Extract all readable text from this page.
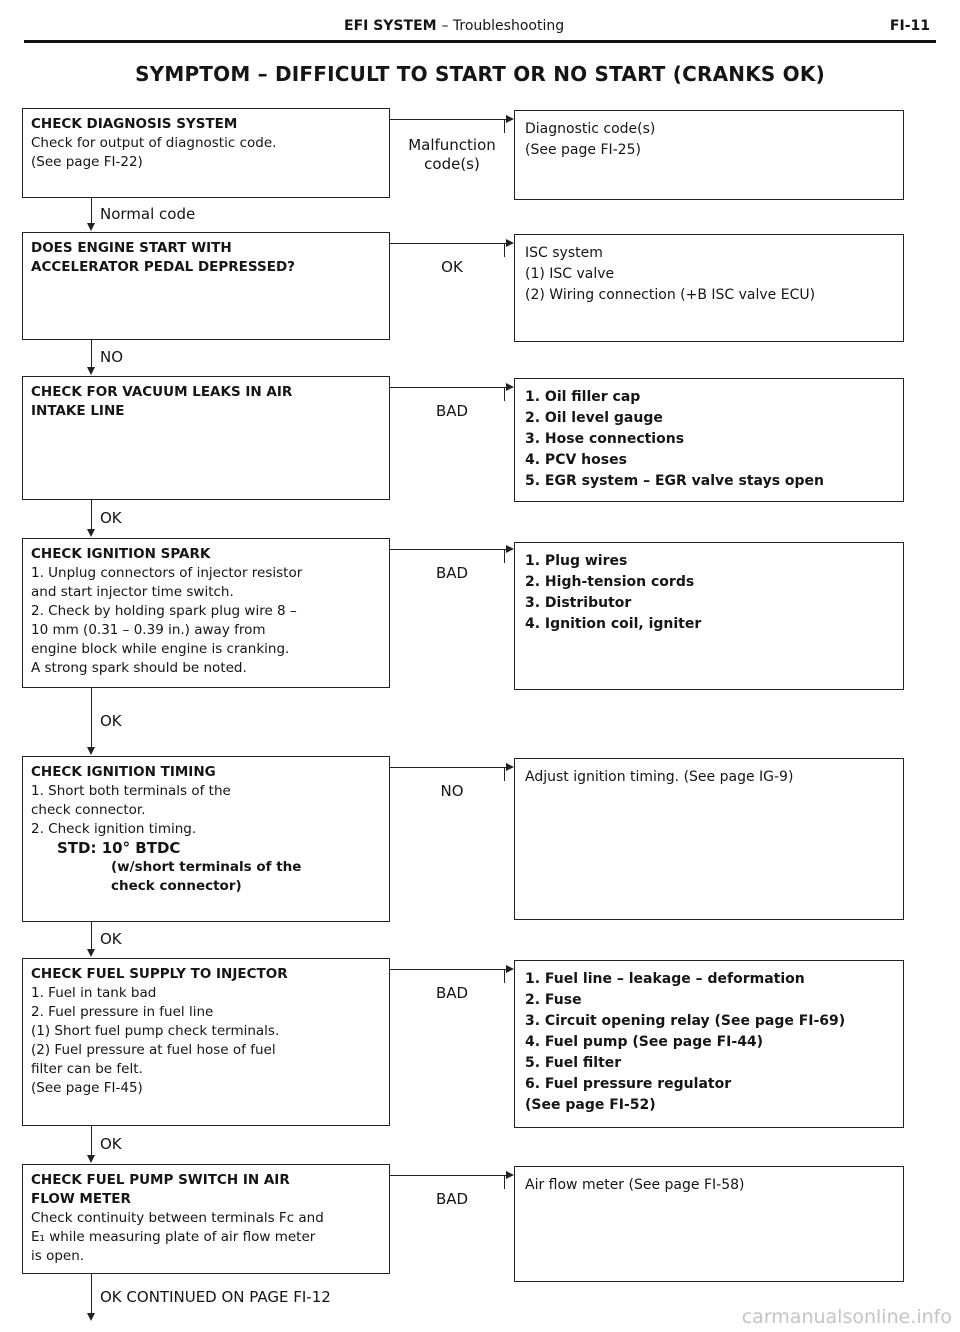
EFI SYSTEM – Troubleshooting	FI-11
SYMPTOM – DIFFICULT TO START OR NO START (CRANKS OK)
CHECK DIAGNOSIS SYSTEM
Check for output of diagnostic code.
(See page FI-22)
Diagnostic code(s)
(See page FI-25)
Malfunction
code(s)
Normal code
DOES ENGINE START WITH
ACCELERATOR PEDAL DEPRESSED?
ISC system
(1) ISC valve
(2) Wiring connection (+B ISC valve ECU)
OK
NO
CHECK FOR VACUUM LEAKS IN AIR
INTAKE LINE
1. Oil filler cap
2. Oil level gauge
3. Hose connections
4. PCV hoses
5. EGR system – EGR valve stays open
BAD
OK
CHECK IGNITION SPARK
1. Unplug connectors of injector resistor
and start injector time switch.
2. Check by holding spark plug wire 8 –
10 mm (0.31 – 0.39 in.) away from
engine block while engine is cranking.
A strong spark should be noted.
1. Plug wires
2. High-tension cords
3. Distributor
4. Ignition coil, igniter
BAD
OK
CHECK IGNITION TIMING
1. Short both terminals of the
check connector.
2. Check ignition timing.
STD: 10° BTDC
(w/short terminals of the
check connector)
Adjust ignition timing. (See page IG-9)
NO
OK
CHECK FUEL SUPPLY TO INJECTOR
1. Fuel in tank bad
2. Fuel pressure in fuel line
(1) Short fuel pump check terminals.
(2) Fuel pressure at fuel hose of fuel
filter can be felt.
(See page FI-45)
1. Fuel line – leakage – deformation
2. Fuse
3. Circuit opening relay (See page FI-69)
4. Fuel pump (See page FI-44)
5. Fuel filter
6. Fuel pressure regulator
(See page FI-52)
BAD
OK
CHECK FUEL PUMP SWITCH IN AIR
FLOW METER
Check continuity between terminals Fc and
E₁ while measuring plate of air flow meter
is open.
Air flow meter (See page FI-58)
BAD
OK CONTINUED ON PAGE FI-12
carmanualsonline.info
